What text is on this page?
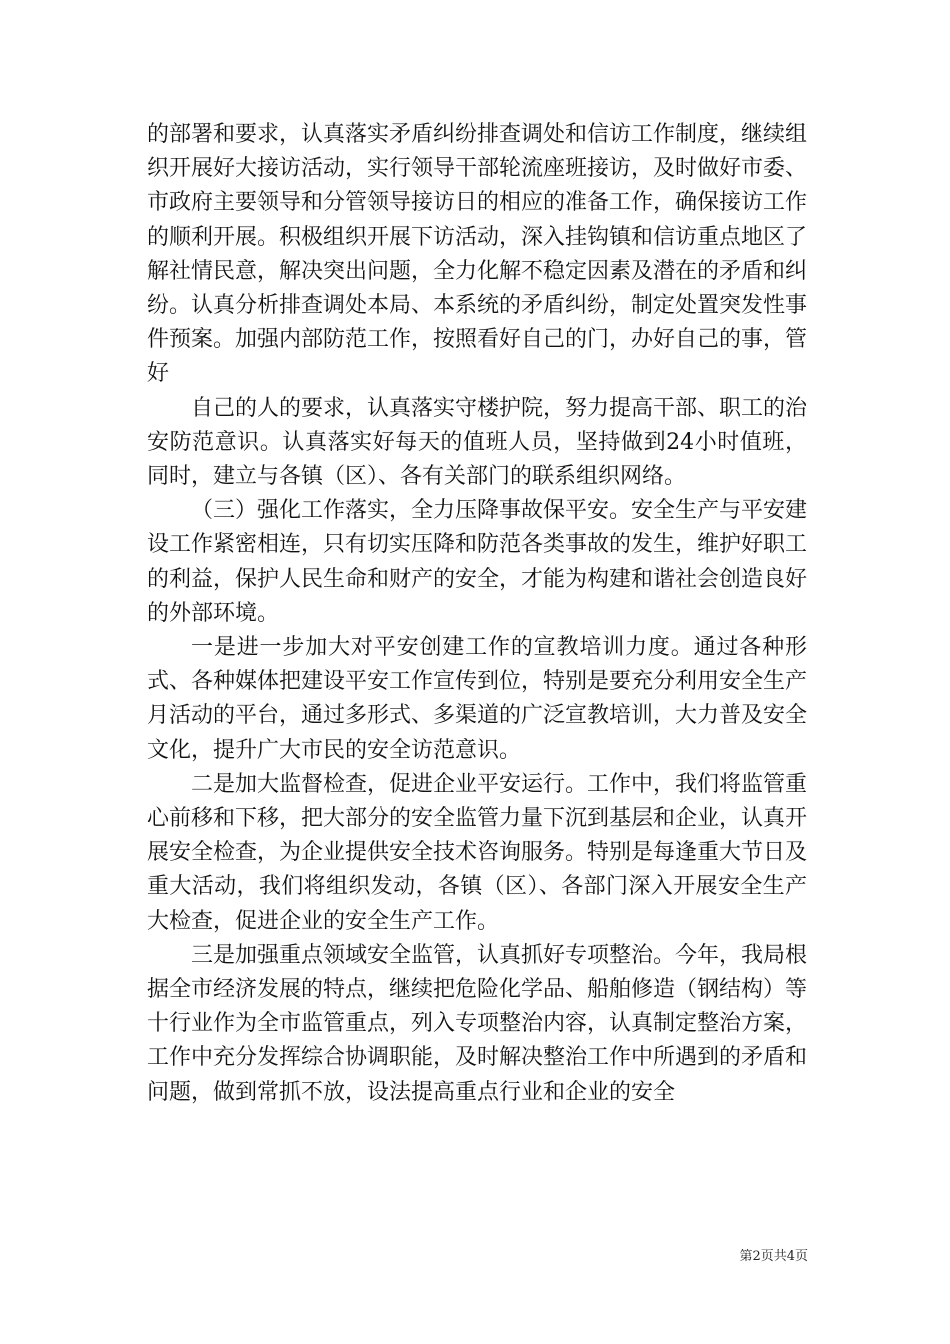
的部署和要求，认真落实矛盾纠纷排查调处和信访工作制度，继续组织开展好大接访活动，实行领导干部轮流座班接访，及时做好市委、市政府主要领导和分管领导接访日的相应的准备工作，确保接访工作的顺利开展。积极组织开展下访活动，深入挂钩镇和信访重点地区了解社情民意，解决突出问题，全力化解不稳定因素及潜在的矛盾和纠纷。认真分析排查调处本局、本系统的矛盾纠纷，制定处置突发性事件预案。加强内部防范工作，按照看好自己的门，办好自己的事，管好

自己的人的要求，认真落实守楼护院，努力提高干部、职工的治安防范意识。认真落实好每天的值班人员，坚持做到24小时值班，同时，建立与各镇（区）、各有关部门的联系组织网络。

（三）强化工作落实，全力压降事故保平安。安全生产与平安建设工作紧密相连，只有切实压降和防范各类事故的发生，维护好职工的利益，保护人民生命和财产的安全，才能为构建和谐社会创造良好的外部环境。

一是进一步加大对平安创建工作的宣教培训力度。通过各种形式、各种媒体把建设平安工作宣传到位，特别是要充分利用安全生产月活动的平台，通过多形式、多渠道的广泛宣教培训，大力普及安全文化，提升广大市民的安全访范意识。

二是加大监督检查，促进企业平安运行。工作中，我们将监管重心前移和下移，把大部分的安全监管力量下沉到基层和企业，认真开展安全检查，为企业提供安全技术咨询服务。特别是每逢重大节日及重大活动，我们将组织发动，各镇（区）、各部门深入开展安全生产大检查，促进企业的安全生产工作。

三是加强重点领域安全监管，认真抓好专项整治。今年，我局根据全市经济发展的特点，继续把危险化学品、船舶修造（钢结构）等十行业作为全市监管重点，列入专项整治内容，认真制定整治方案，工作中充分发挥综合协调职能，及时解决整治工作中所遇到的矛盾和问题，做到常抓不放，设法提高重点行业和企业的安全

第2页共4页
